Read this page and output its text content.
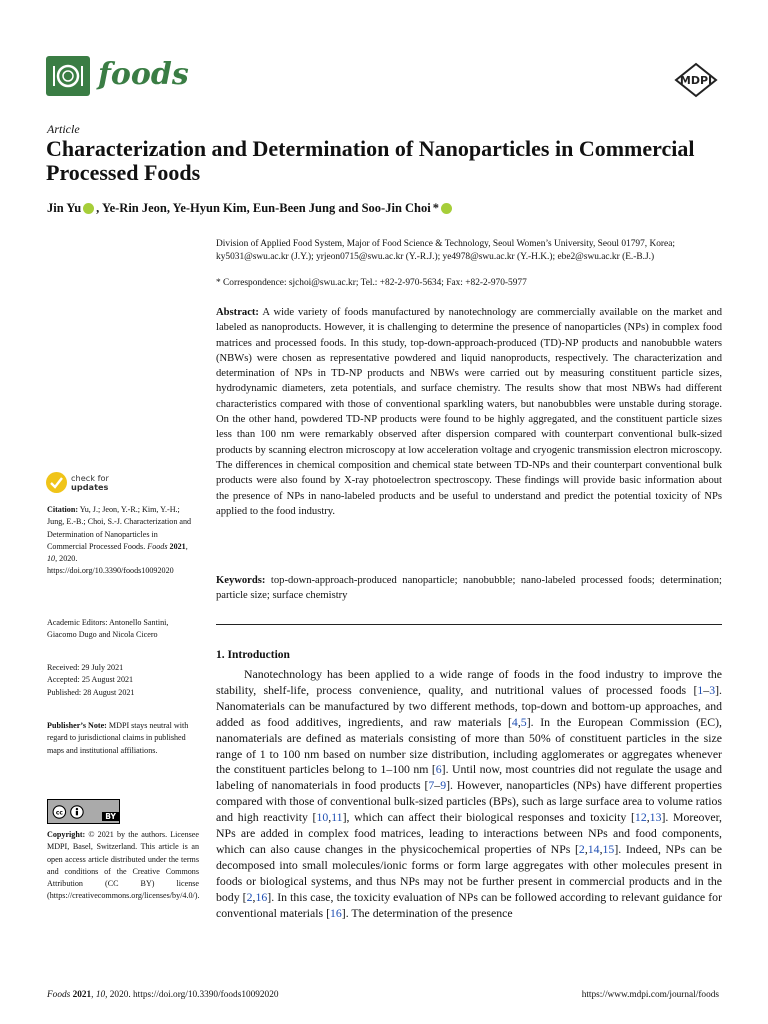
foods	MDPI
Article
Characterization and Determination of Nanoparticles in Commercial Processed Foods
Jin Yu , Ye-Rin Jeon, Ye-Hyun Kim, Eun-Been Jung and Soo-Jin Choi *
Division of Applied Food System, Major of Food Science & Technology, Seoul Women’s University, Seoul 01797, Korea; ky5031@swu.ac.kr (J.Y.); yrjeon0715@swu.ac.kr (Y.-R.J.); ye4978@swu.ac.kr (Y.-H.K.); ebe2@swu.ac.kr (E.-B.J.)
* Correspondence: sjchoi@swu.ac.kr; Tel.: +82-2-970-5634; Fax: +82-2-970-5977
Abstract: A wide variety of foods manufactured by nanotechnology are commercially available on the market and labeled as nanoproducts. However, it is challenging to determine the presence of nanoparticles (NPs) in complex food matrices and processed foods. In this study, top-down-approach-produced (TD)-NP products and nanobubble waters (NBWs) were chosen as representative powdered and liquid nanoproducts, respectively. The characterization and determination of NPs in TD-NP products and NBWs were carried out by measuring constituent particle sizes, hydrodynamic diameters, zeta potentials, and surface chemistry. The results show that most NBWs had different characteristics compared with those of conventional sparkling waters, but nanobubbles were unstable during storage. On the other hand, powdered TD-NP products were found to be highly aggregated, and the constituent particle sizes less than 100 nm were remarkably observed after dispersion compared with counterpart conventional bulk-sized products by scanning electron microscopy at low acceleration voltage and cryogenic transmission electron microscopy. The differences in chemical composition and chemical state between TD-NPs and their counterpart conventional bulk products were also found by X-ray photoelectron spectroscopy. These findings will provide basic information about the presence of NPs in nano-labeled products and be useful to understand and predict the potential toxicity of NPs applied to the food industry.
Keywords: top-down-approach-produced nanoparticle; nanobubble; nano-labeled processed foods; determination; particle size; surface chemistry
1. Introduction
Nanotechnology has been applied to a wide range of foods in the food industry to improve the stability, shelf-life, process convenience, quality, and nutritional values of processed foods [1–3]. Nanomaterials can be manufactured by two different methods, top-down and bottom-up approaches, and added as food additives, ingredients, and raw materials [4,5]. In the European Commission (EC), nanomaterials are defined as materials consisting of more than 50% of constituent particles in the size range of 1 to 100 nm based on number size distribution, including agglomerates or aggregates whenever the constituent particles belong to 1–100 nm [6]. Until now, most countries did not regulate the usage and labeling of nanomaterials in food products [7–9]. However, nanoparticles (NPs) have different properties compared with those of conventional bulk-sized particles (BPs), such as large surface area to volume ratios and high reactivity [10,11], which can affect their biological responses and toxicity [12,13]. Moreover, NPs are added in complex food matrices, leading to interactions between NPs and food components, which can also cause changes in the physicochemical properties of NPs [2,14,15]. Indeed, NPs can be decomposed into small molecules/ionic forms or form large aggregates with other molecules present in foods or biological systems, and thus NPs may not be further present in commercial products and in the body [2,16]. In this case, the toxicity evaluation of NPs can be followed according to relevant guidance for conventional materials [16]. The determination of the presence
check for
updates
Citation: Yu, J.; Jeon, Y.-R.; Kim, Y.-H.; Jung, E.-B.; Choi, S.-J. Characterization and Determination of Nanoparticles in Commercial Processed Foods. Foods 2021, 10, 2020. https://doi.org/10.3390/foods10092020
Academic Editors: Antonello Santini, Giacomo Dugo and Nicola Cicero
Received: 29 July 2021
Accepted: 25 August 2021
Published: 28 August 2021
Publisher’s Note: MDPI stays neutral with regard to jurisdictional claims in published maps and institutional affiliations.
cc	BY
Copyright: © 2021 by the authors. Licensee MDPI, Basel, Switzerland. This article is an open access article distributed under the terms and conditions of the Creative Commons Attribution (CC BY) license (https://creativecommons.org/licenses/by/4.0/).
Foods 2021, 10, 2020. https://doi.org/10.3390/foods10092020	https://www.mdpi.com/journal/foods
